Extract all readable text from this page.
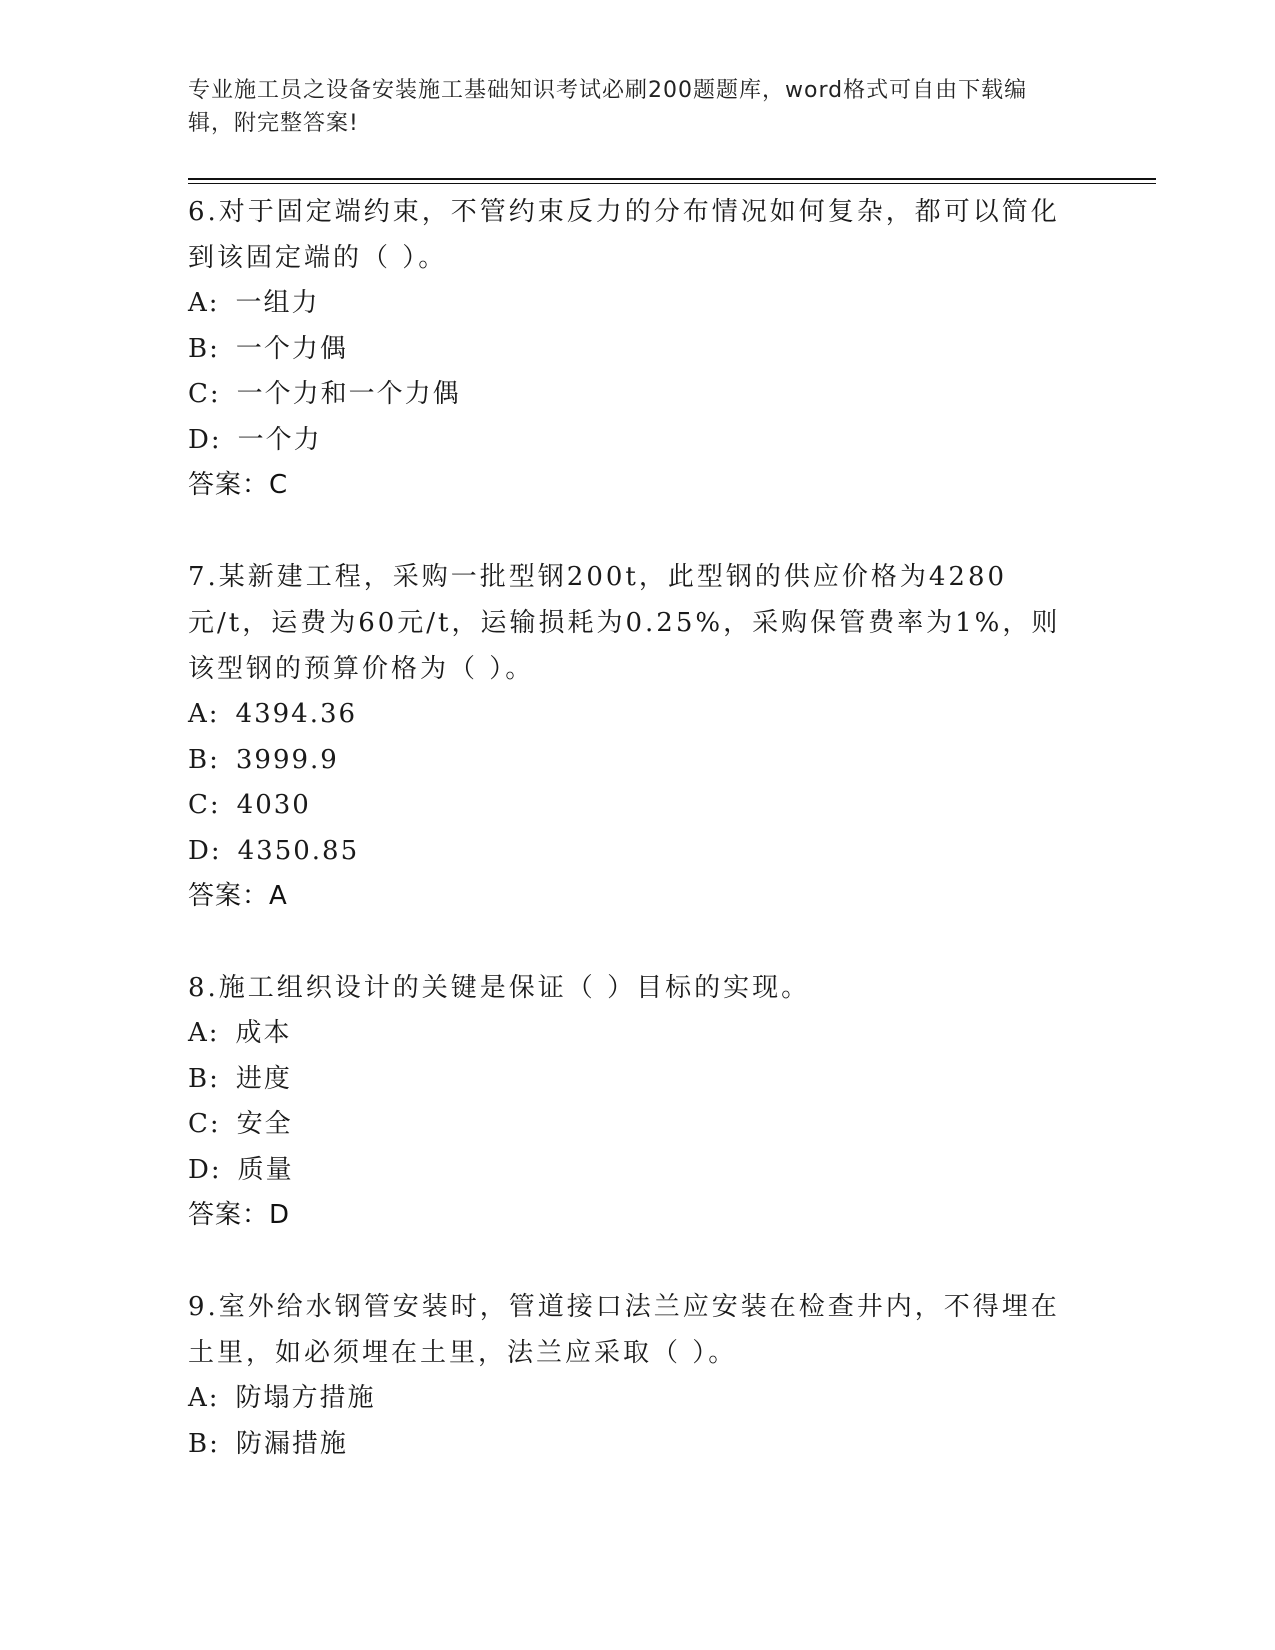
专业施工员之设备安装施工基础知识考试必刷200题题库，word格式可自由下载编辑，附完整答案!
6.对于固定端约束，不管约束反力的分布情况如何复杂，都可以简化到该固定端的（ ）。
A: 一组力
B: 一个力偶
C: 一个力和一个力偶
D: 一个力
答案：C
7.某新建工程，采购一批型钢200t，此型钢的供应价格为4280元/t，运费为60元/t，运输损耗为0.25%，采购保管费率为1%，则该型钢的预算价格为（ ）。
A: 4394.36
B: 3999.9
C: 4030
D: 4350.85
答案：A
8.施工组织设计的关键是保证（ ）目标的实现。
A: 成本
B: 进度
C: 安全
D: 质量
答案：D
9.室外给水钢管安装时，管道接口法兰应安装在检查井内，不得埋在土里，如必须埋在土里，法兰应采取（ ）。
A: 防塌方措施
B: 防漏措施
